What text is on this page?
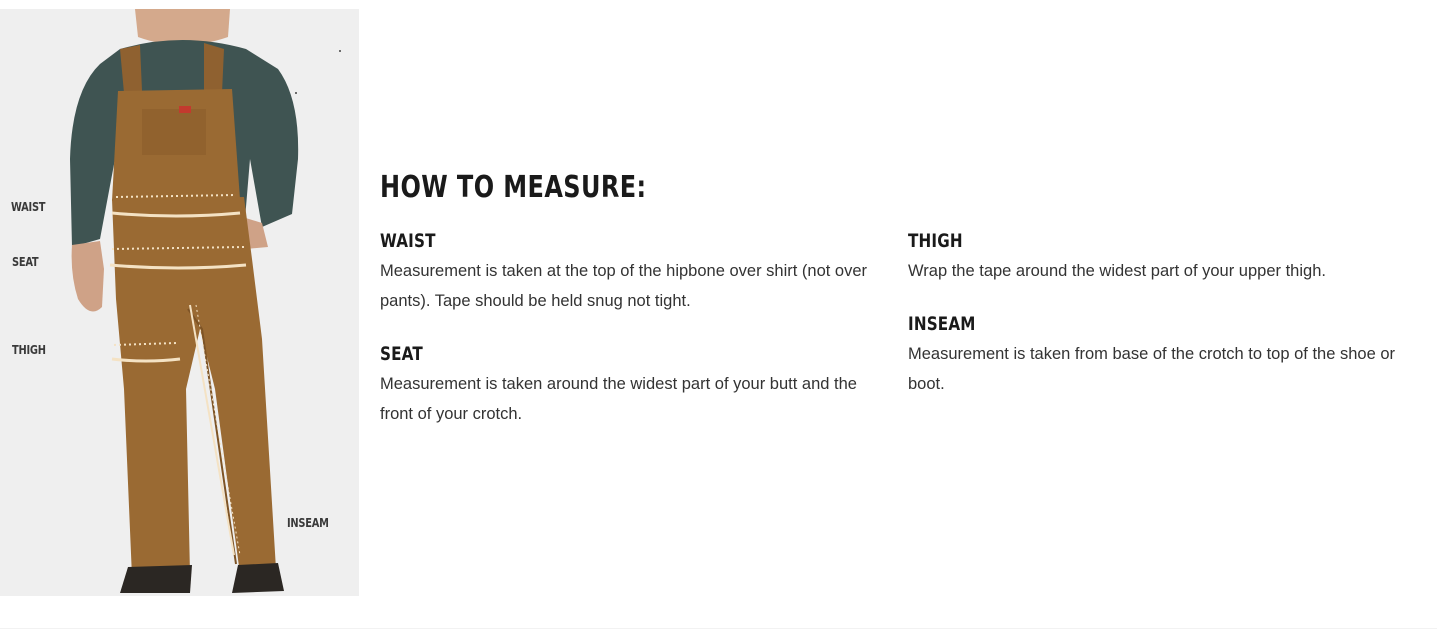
WAIST
SEAT
THIGH
INSEAM
HOW TO MEASURE:
WAIST

Measurement is taken at the top of the hipbone over shirt (not over pants). Tape should be held snug not tight.

SEAT

Measurement is taken around the widest part of your butt and the front of your crotch.

THIGH

Wrap the tape around the widest part of your upper thigh.

INSEAM

Measurement is taken from base of the crotch to top of the shoe or boot.
